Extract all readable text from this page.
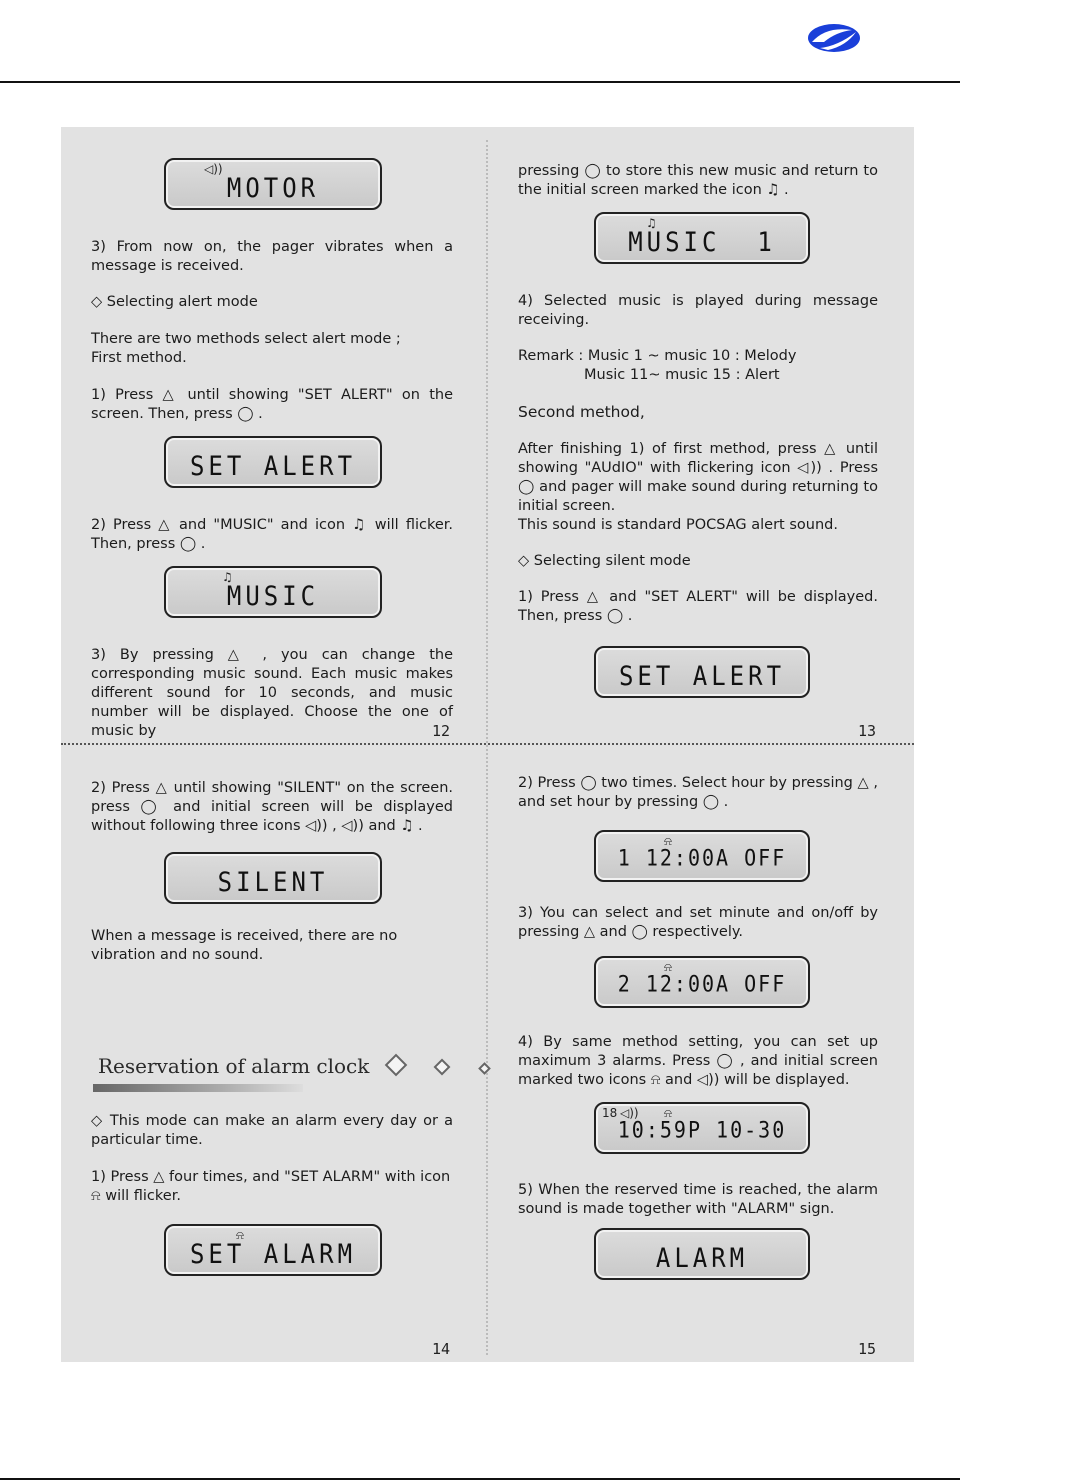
◁))
MOTOR

3) From now on, the pager vibrates when a message is received.

◇ Selecting alert mode

There are two methods select alert mode ;

First method.

1) Press △ until showing "SET ALERT" on the screen. Then, press ◯ .

SET ALERT

2) Press △ and "MUSIC" and icon ♫ will flicker. Then, press ◯ .

♫
MUSIC

3) By pressing △ , you can change the corresponding music sound. Each music makes different sound for 10 seconds, and music number will be displayed. Choose the one of music by	12

pressing ◯ to store this new music and return to the initial screen marked the icon ♫ .

♫
MUSIC  1

4) Selected music is played during message receiving.

Remark : Music 1 ~ music 10 : Melody

Music 11~ music 15 : Alert

Second method,

After finishing 1) of first method, press △ until showing "AUdIO" with flickering icon ◁)) . Press ◯ and pager will make sound during returning to initial screen.

This sound is standard POCSAG alert sound.

◇ Selecting silent mode

1) Press △ and "SET ALERT" will be displayed. Then, press ◯ .

SET ALERT
13

2) Press △ until showing "SILENT" on the screen. press ◯ and initial screen will be displayed without following three icons ◁)) , ◁)) and ♫ .

SILENT

When a message is received, there are no vibration and no sound.

Reservation of alarm clock

◇ This mode can make an alarm every day or a particular time.

1) Press △ four times, and "SET ALARM" with icon ⍾ will flicker.

⍾
SET ALARM
14

2) Press ◯ two times. Select hour by pressing △ , and set hour by pressing ◯ .

⍾
1 12:00A OFF

3) You can select and set minute and on/off by pressing △ and ◯ respectively.

⍾
2 12:00A OFF

4) By same method setting, you can set up maximum 3 alarms. Press ◯ , and initial screen marked two icons ⍾ and ◁)) will be displayed.

18 ◁)) ⍾
10:59P 10-30

5) When the reserved time is reached, the alarm sound is made together with "ALARM" sign.

ALARM
15
